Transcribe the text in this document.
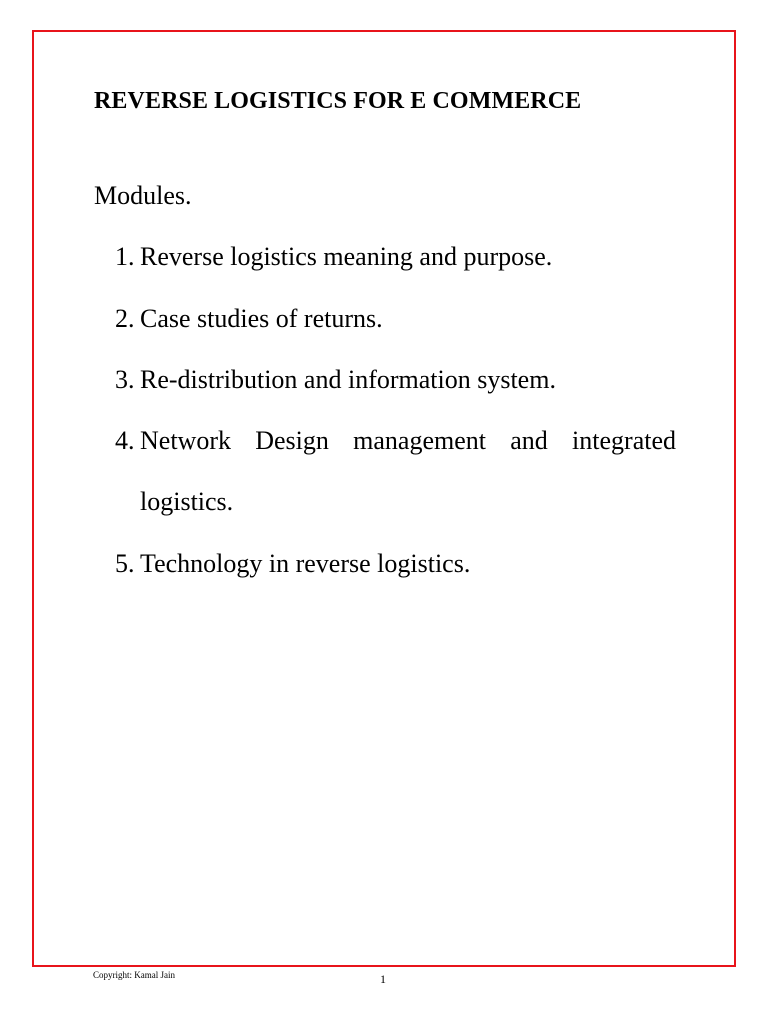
REVERSE LOGISTICS FOR E COMMERCE
Modules.
1. Reverse logistics meaning and purpose.
2. Case studies of returns.
3. Re-distribution and information system.
4. Network Design management and integrated
logistics.
5. Technology in reverse logistics.
Copyright: Kamal Jain	1
